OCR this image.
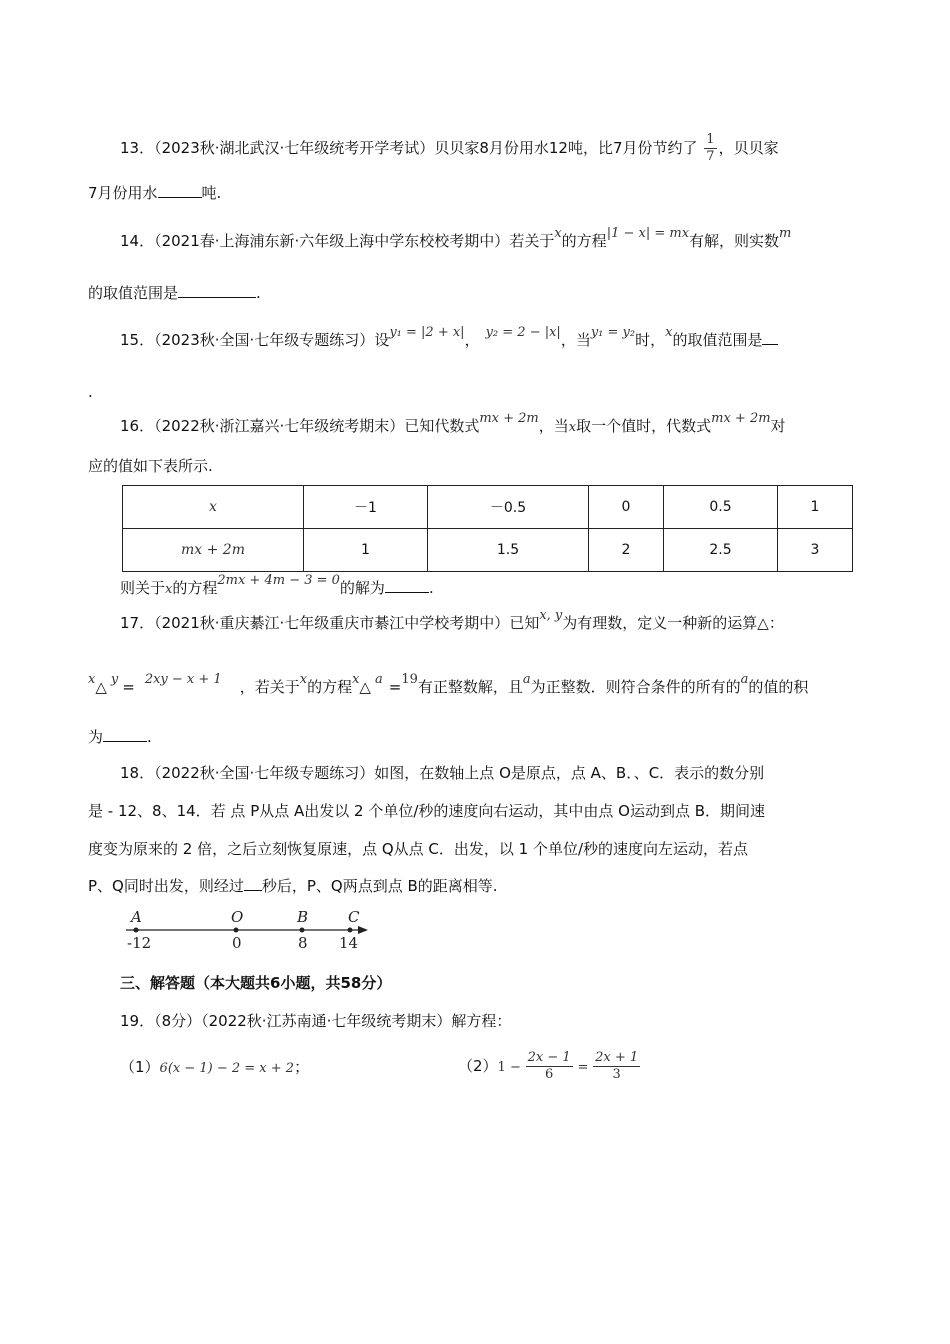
13．（2023秋·湖北武汉·七年级统考开学考试）贝贝家8月份用水12吨，比7月份节约了 $\frac{1}{7}$ ，贝贝家
7月份用水	吨.
14．（2021春·上海浦东新·六年级上海中学东校校考期中）若关于x的方程|1 − x| = mx有解，则实数m
的取值范围是	.
15．（2023秋·全国·七年级专题练习）设y₁ = |2 + x|， y₂ = 2 − |x|，当y₁ = y₂时，x的取值范围是
.
16．（2022秋·浙江嘉兴·七年级统考期末）已知代数式mx + 2m，当x取一个值时，代数式mx + 2m对
应的值如下表所示.
x	－1	－0.5	0	0.5	1
mx + 2m	1	1.5	2	2.5	3
则关于x的方程2mx + 4m − 3 = 0的解为	.
17．（2021秋·重庆綦江·七年级重庆市綦江中学校考期中）已知x, y为有理数，定义一种新的运算△：
x△ y = 2xy − x + 1 ，若关于x的方程x△ a =19有正整数解，且a为正整数．则符合条件的所有的a的值的积
为	.
18．（2022秋·全国·七年级专题练习）如图，在数轴上点 O是原点，点 A、B．、C．表示的数分别
是 - 12、8、14．若 点 P从点 A出发以 2 个单位/秒的速度向右运动，其中由点 O运动到点 B．期间速
度变为原来的 2 倍，之后立刻恢复原速，点 Q从点 C．出发，以 1 个单位/秒的速度向左运动，若点
P、Q同时出发，则经过 秒后，P、Q两点到点 B的距离相等.
A
-12
O
0
B
8
C
14
三、解答题（本大题共6小题，共58分）
19．（8分）（2022秋·江苏南通·七年级统考期末）解方程：
（1）6(x − 1) − 2 = x + 2；	$(2)1 - \frac{2x - 1}{6} = \frac{2x + 1}{3}$
